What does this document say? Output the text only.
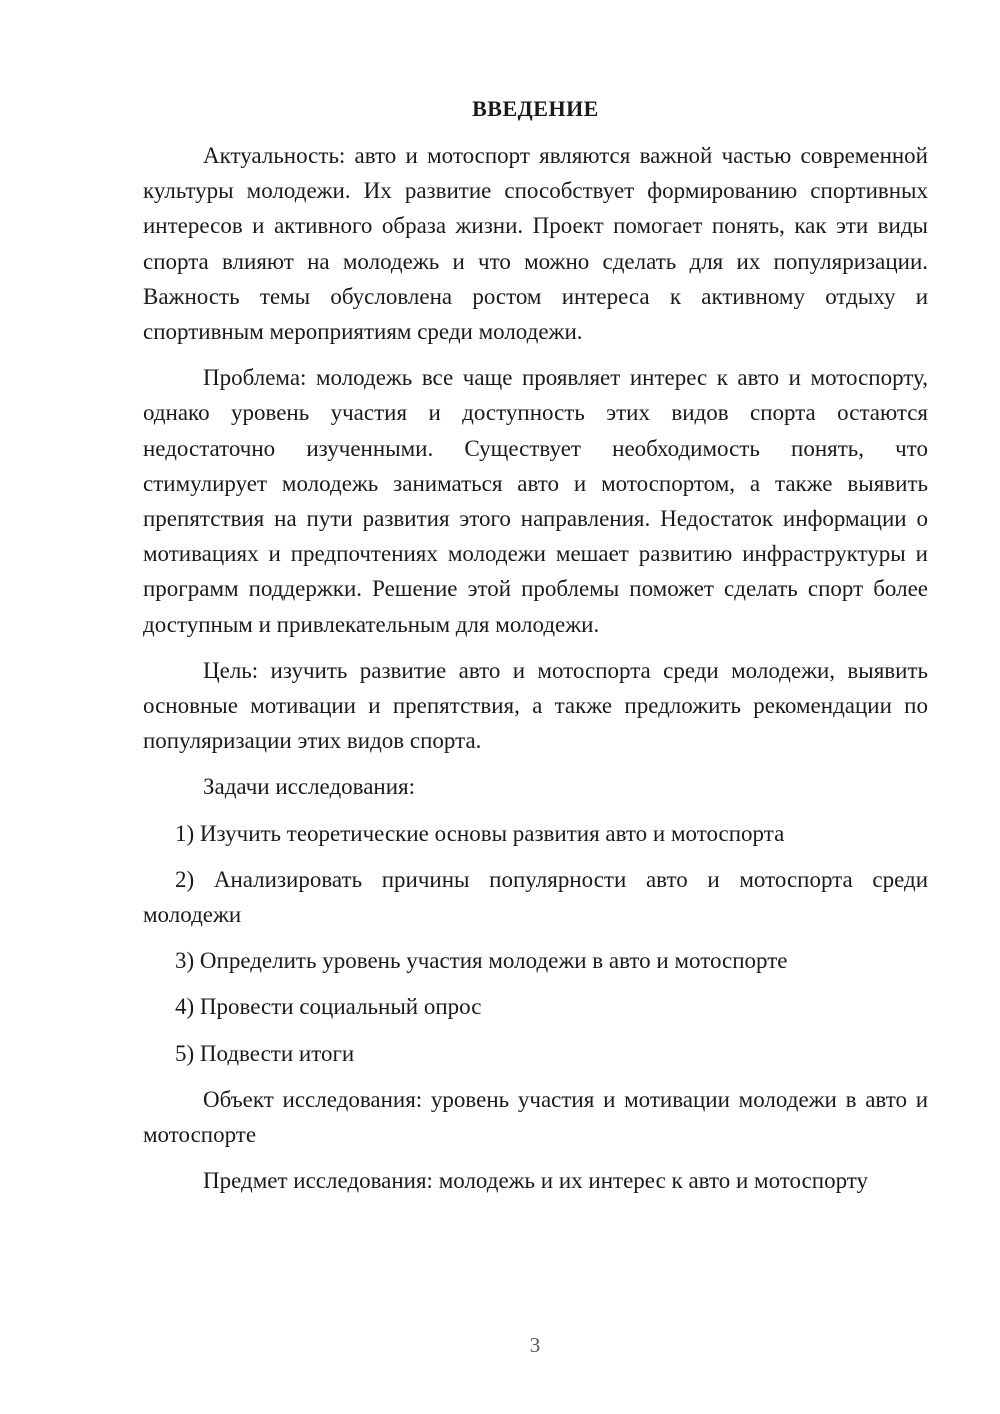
ВВЕДЕНИЕ

Актуальность: авто и мотоспорт являются важной частью современной культуры молодежи. Их развитие способствует формированию спортивных интересов и активного образа жизни. Проект помогает понять, как эти виды спорта влияют на молодежь и что можно сделать для их популяризации. Важность темы обусловлена ростом интереса к активному отдыху и спортивным мероприятиям среди молодежи.

Проблема: молодежь все чаще проявляет интерес к авто и мотоспорту, однако уровень участия и доступность этих видов спорта остаются недостаточно изученными. Существует необходимость понять, что стимулирует молодежь заниматься авто и мотоспортом, а также выявить препятствия на пути развития этого направления. Недостаток информации о мотивациях и предпочтениях молодежи мешает развитию инфраструктуры и программ поддержки. Решение этой проблемы поможет сделать спорт более доступным и привлекательным для молодежи.

Цель: изучить развитие авто и мотоспорта среди молодежи, выявить основные мотивации и препятствия, а также предложить рекомендации по популяризации этих видов спорта.

Задачи исследования:

1) Изучить теоретические основы развития авто и мотоспорта

2) Анализировать причины популярности авто и мотоспорта среди молодежи

3) Определить уровень участия молодежи в авто и мотоспорте

4) Провести социальный опрос

5) Подвести итоги

Объект исследования: уровень участия и мотивации молодежи в авто и мотоспорте

Предмет исследования: молодежь и их интерес к авто и мотоспорту

3
